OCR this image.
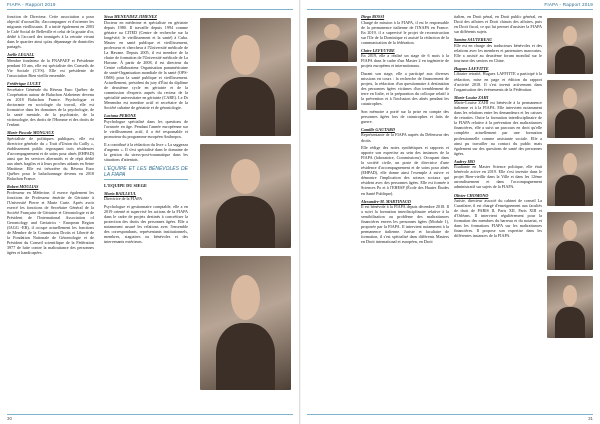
FIAPA - Rapport 2019

fonction de Directeur. Cette association a pour objectif d'accueillir, d'accompagner et d'orienter les migrants vieillissants. Il a initié également en 2003 le Café Social de Belleville et celui de la goutte d'or, dédié à l'accueil des immigrés à la retraite vivant dans le quartier ainsi qu'au dépannage de domiciles partagés.

Joëlle LEGALL

Membre fondateur de la FNAPAEF et Présidente pendant 10 ans, elle est spécialiste des Conseils de Vie Sociale (CVS). Elle est présidente de l'association Bien vieillir ensemble.

Frédérique LUCET

Secrétaire Générale du Réseau Euro Québec de Coopération autour de Baluchon Alzheimer devenu en 2018 Baluchon France. Psychologue et doctorante en sociologie du travail, elle est formatrice dans les domaines de la psychologie, de la santé mentale, de la psychiatrie, de la victimologie, des droits de l'Homme et des droits de l'enfant.

Marie-Pascale MONGAUX

Spécialiste de politiques publiques, elle est directrice générale du « Trait d'Union du Cailly », établissement public regroupant trois résidences d'accompagnement et de soins pour aînés (EHPAD) ainsi que les services alternatifs et de répit dédié aux aînés fragiles et à leurs proches aidants en Seine Maritime. Elle est trésorière du Réseau Euro Québec pour le baluchonnage devenu en 2018 Baluchon France.

Robert MOULIAS

Professeur en Médecine, il exerce également les fonctions de Professeur émérite de Gériatrie à l'Université Pierre et Marie Curie. Après avoir exercé les fonctions de Secrétaire Général de la Société Française de Gériatrie et Gérontologie et de Président de l'International Association of Gerontology and Geriatrics - European Region (IAGG -ER), il occupe actuellement les fonctions de Membre de la Commission Droits et Liberté de la Fondation Nationale de Gérontologie et de Président du Conseil scientifique de la Fédération 3977 de lutte contre la maltraitance des personnes âgées et handicapées.

Sissu MENENDEZ JIMENEZ

Docteur en médecine et spécialiste en gériatrie depuis 1980. Il travaille depuis 1994 comme gériatre au CITED (Centre de recherche sur la longévité, le vieillissement et la santé) à Cuba. Master en santé publique et vieillissement, professeur et chercheur à l'Université médicale de La Havane. Depuis 2005, il est membre de la chaire de formation de l'Université médicale de La Havane. À partir de 2008, il est directeur du Centre collaborateur Organisation panaméricaine de santé-Organisation mondiale de la santé (OPS-OMS) pour la santé publique et vieillissement. Actuellement, président du jury d'État du diplôme de deuxième cycle en gériatrie et de la commission d'experts auprès du recteur de la spécialité universitaire en gériatrie (CARE). Le Dr Menendez est membre actif et secrétaire de la Société cubaine de gériatrie et de gérontologie.

Luciana PERONE

Psychologue spécialisé dans les questions de l'avancée en âge. Pendant l'année européenne sur le vieillissement actif, il a été responsable et promoteur du programme européen Anthropos.

Il a contribué à la rédaction du livre « La saggezza d'argento ». Il s'est spécialisé dans le domaine de la gestion du stress-post-traumatique dans les situations d'attentats.

L'ÉQUIPE ET LES BÉNÉVOLES DE LA FIAPA
L'EQUIPE DU SIEGE
Maria BAILLEUL

Directrice de la FIAPA

Psychologue et gestionnaire comptable, elle a en 2019 orienté et supervisé les actions de la FIAPA dans le cadre de projets destinés à concrétiser la protection des droits des personnes âgées. Elle a notamment assuré les relations avec l'ensemble des correspondants, représentants institutionnels, membres, stagiaires ou bénévoles et des intervenants extérieurs.

30
FIAPA - Rapport 2019
Diego ROSSI

Chargé de mission à la FIAPA, il est le responsable de la permanence italienne de l'INAPA en France. En 2019, il a supervisé le projet de reconstruction sur l'Ile de la Dominique et assisté la rédaction de la communication de la fédération.

Claire LEFEUVRE

En 2019, elle a réalisé un stage de 6 mois à la FIAPA dans le cadre d'un Master 2 en ingénierie de projets européens et internationaux.

Durant son stage, elle a participé aux diverses missions en cours : la recherche de financement de projets, la rédaction d'un questionnaire à destination des personnes âgées victimes d'un tremblement de terre en Italie, et la préparation du colloque relatif à la prévention et à l'inclusion des aînés pendant les catastrophes.

Son mémoire a porté sur la prise en compte des personnes âgées lors de catastrophes et faits de guerre.

Camille GAUTARD

Représentante de la FIAPA auprès du Défenseur des droits.

Elle rédige des notes synthétiques et rapports et apporte son expertise au sein des instances de la FIAPA (laboratoire, Commissions). Occupant dans la société civile, un poste de directrice d'une résidence d'accompagnement et de soins pour aînés (EHPAD), elle donne ainsi l'exemple à suivre et démontre l'implication des acteurs sociaux qui résident avec des personnes âgées. Elle est formée à Sciences Po et à l'EHESP (École des Hautes Études en Santé Publique).

Alexandre-M. MARTINAUD

Il est bénévole à la FIAPA depuis décembre 2018. Il a suivi la formation interdisciplinaire relative à la sensibilisation au problème des maltraitances financières envers les personnes âgées (Module 1), proposée par la FIAPA. Il intervient notamment à la permanence italienne. Juriste et facultaire de formation, il s'est spécialisé dans différents Masters en Droit international et européen, en Droit

italien, en Droit pénal, en Droit public général, en Droit des affaires et Droit chinois des affaires, puis en Droit fiscal, ce qui lui permet d'assister la FIAPA sur différents sujets.

Samira SAUTEREAU

Elle est en charge des traducteurs bénévoles et des relations avec les membres et partenaires marocains. Elle a assisté au deuxième forum mondial sur le tourisme des seniors en Chine.

Hugues LAFFITTE

Libraire retraité, Hugues LAFFITTE a participé à la rédaction, mise en page et édition du rapport d'activité 2018. Il s'est investi activement dans l'organisation des événements de la Fédération.

Marie-Louise ZAHI

Marie-Louise ZAHI est bénévole à la permanence italienne et à la FIAPA. Elle intervient notamment dans les relations entre les demandeurs et les caisses de retraites. Outre la formation interdisciplinaire de la FIAPA relative à la prévention des maltraitances financières, elle a suivi un parcours en droit qu'elle complète actuellement par une formation professionnelle comme assistante sociale. Elle a ainsi pu travailler au contact du public mais également sur des questions de santé des personnes âgées.

Audrey IRO

Étudiante en Master Science politique, elle était bénévole active en 2019. Elle s'est investie dans le projet Bien-vieillir dans la Ville et dans les 12ème arrondissement et dans l'accompagnement administratif sur sujets de la FIAPA.

Olivier CHOMONO

Juriste, directeur associé du cabinet de conseil La Curatfaire, il est chargé d'enseignement aux facultés de droit de PARIS II, Paris XII, Paris XIII et d'Orléans. Il intervient régulièrement pour la formation des membres du barreau et du notariat, et dans les formations FIAPA sur les maltraitances financières. Il propose son expertise dans les différentes instances de la FIAPA.

31
